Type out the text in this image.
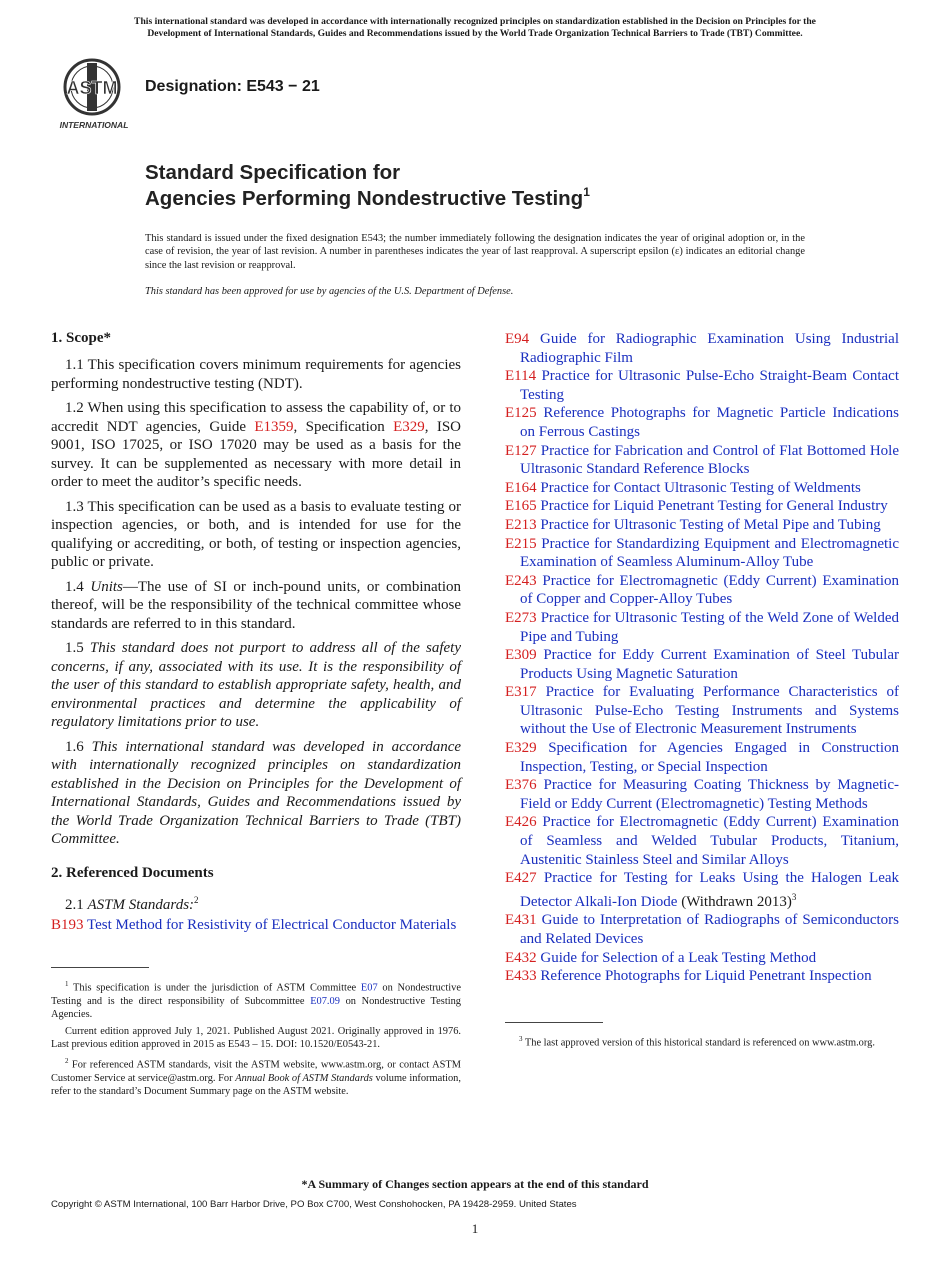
This international standard was developed in accordance with internationally recognized principles on standardization established in the Decision on Principles for the
Development of International Standards, Guides and Recommendations issued by the World Trade Organization Technical Barriers to Trade (TBT) Committee.
ASTM
INTERNATIONAL
Designation: E543 − 21
Standard Specification for
Agencies Performing Nondestructive Testing$^1$
This standard is issued under the fixed designation E543; the number immediately following the designation indicates the year of original adoption or, in the case of revision, the year of last revision. A number in parentheses indicates the year of last reapproval. A superscript epsilon (ε) indicates an editorial change since the last revision or reapproval.
This standard has been approved for use by agencies of the U.S. Department of Defense.
1. Scope*

1.1 This specification covers minimum requirements for agencies performing nondestructive testing (NDT).

1.2 When using this specification to assess the capability of, or to accredit NDT agencies, Guide E1359, Specification E329, ISO 9001, ISO 17025, or ISO 17020 may be used as a basis for the survey. It can be supplemented as necessary with more detail in order to meet the auditor’s specific needs.

1.3 This specification can be used as a basis to evaluate testing or inspection agencies, or both, and is intended for use for the qualifying or accrediting, or both, of testing or inspection agencies, public or private.

1.4 Units—The use of SI or inch-pound units, or combination thereof, will be the responsibility of the technical committee whose standards are referred to in this standard.

1.5 This standard does not purport to address all of the safety concerns, if any, associated with its use. It is the responsibility of the user of this standard to establish appropriate safety, health, and environmental practices and determine the applicability of regulatory limitations prior to use.

1.6 This international standard was developed in accordance with internationally recognized principles on standardization established in the Decision on Principles for the Development of International Standards, Guides and Recommendations issued by the World Trade Organization Technical Barriers to Trade (TBT) Committee.

2. Referenced Documents

2.1 ASTM Standards:$^2$

B193 Test Method for Resistivity of Electrical Conductor Materials

$^1$ This specification is under the jurisdiction of ASTM Committee E07 on Nondestructive Testing and is the direct responsibility of Subcommittee E07.09 on Nondestructive Testing Agencies.

Current edition approved July 1, 2021. Published August 2021. Originally approved in 1976. Last previous edition approved in 2015 as E543 – 15. DOI: 10.1520/E0543-21.

$^2$ For referenced ASTM standards, visit the ASTM website, www.astm.org, or contact ASTM Customer Service at service@astm.org. For Annual Book of ASTM Standards volume information, refer to the standard’s Document Summary page on the ASTM website.

E94 Guide for Radiographic Examination Using Industrial Radiographic Film

E114 Practice for Ultrasonic Pulse-Echo Straight-Beam Contact Testing

E125 Reference Photographs for Magnetic Particle Indications on Ferrous Castings

E127 Practice for Fabrication and Control of Flat Bottomed Hole Ultrasonic Standard Reference Blocks

E164 Practice for Contact Ultrasonic Testing of Weldments

E165 Practice for Liquid Penetrant Testing for General Industry

E213 Practice for Ultrasonic Testing of Metal Pipe and Tubing

E215 Practice for Standardizing Equipment and Electromagnetic Examination of Seamless Aluminum-Alloy Tube

E243 Practice for Electromagnetic (Eddy Current) Examination of Copper and Copper-Alloy Tubes

E273 Practice for Ultrasonic Testing of the Weld Zone of Welded Pipe and Tubing

E309 Practice for Eddy Current Examination of Steel Tubular Products Using Magnetic Saturation

E317 Practice for Evaluating Performance Characteristics of Ultrasonic Pulse-Echo Testing Instruments and Systems without the Use of Electronic Measurement Instruments

E329 Specification for Agencies Engaged in Construction Inspection, Testing, or Special Inspection

E376 Practice for Measuring Coating Thickness by Magnetic-Field or Eddy Current (Electromagnetic) Testing Methods

E426 Practice for Electromagnetic (Eddy Current) Examination of Seamless and Welded Tubular Products, Titanium, Austenitic Stainless Steel and Similar Alloys

E427 Practice for Testing for Leaks Using the Halogen Leak Detector Alkali-Ion Diode (Withdrawn 2013)$^3$

E431 Guide to Interpretation of Radiographs of Semiconductors and Related Devices

E432 Guide for Selection of a Leak Testing Method

E433 Reference Photographs for Liquid Penetrant Inspection

$^3$ The last approved version of this historical standard is referenced on www.astm.org.

*A Summary of Changes section appears at the end of this standard
Copyright © ASTM International, 100 Barr Harbor Drive, PO Box C700, West Conshohocken, PA 19428-2959. United States
1
